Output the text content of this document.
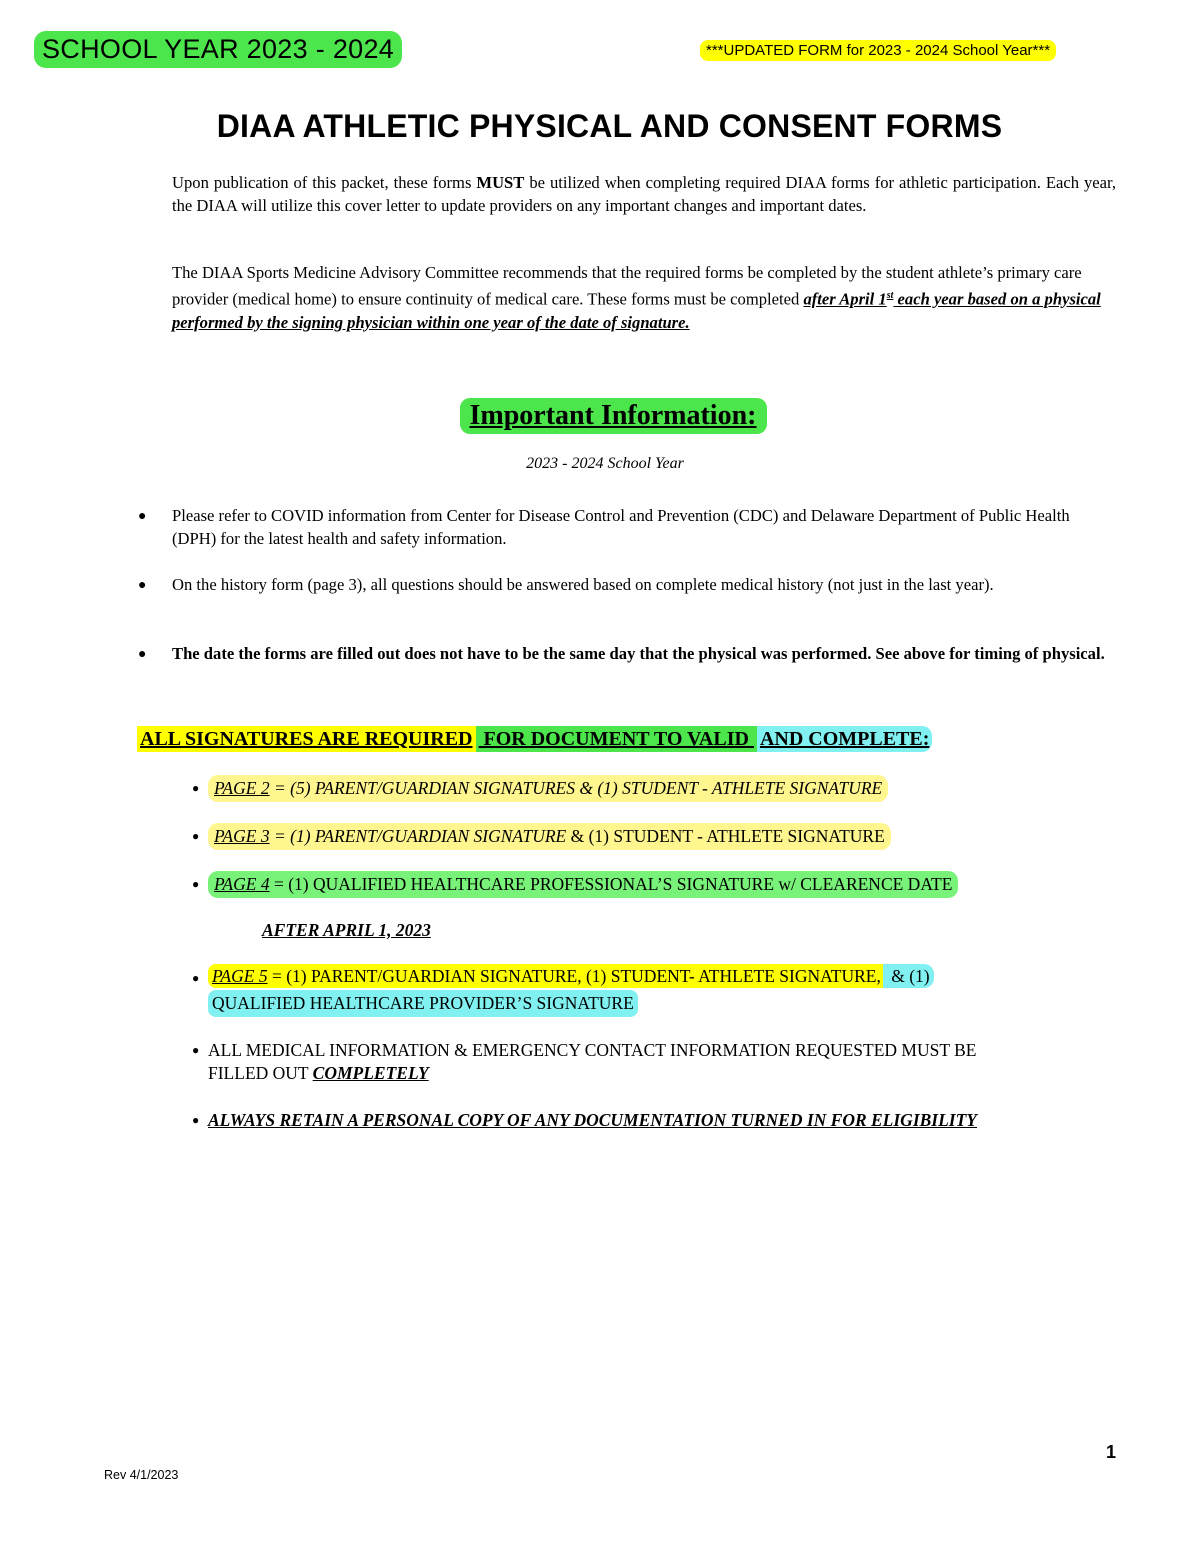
SCHOOL YEAR 2023 - 2024	***UPDATED FORM for 2023 - 2024 School Year***
DIAA ATHLETIC PHYSICAL AND CONSENT FORMS
Upon publication of this packet, these forms MUST be utilized when completing required DIAA forms for athletic participation. Each year, the DIAA will utilize this cover letter to update providers on any important changes and important dates.
The DIAA Sports Medicine Advisory Committee recommends that the required forms be completed by the student athlete’s primary care provider (medical home) to ensure continuity of medical care. These forms must be completed after April 1st each year based on a physical performed by the signing physician within one year of the date of signature.
Important Information:
2023 - 2024 School Year
● Please refer to COVID information from Center for Disease Control and Prevention (CDC) and Delaware Department of Public Health (DPH) for the latest health and safety information.
● On the history form (page 3), all questions should be answered based on complete medical history (not just in the last year).
● The date the forms are filled out does not have to be the same day that the physical was performed. See above for timing of physical.
ALL SIGNATURES ARE REQUIRED FOR DOCUMENT TO VALID AND COMPLETE:
● PAGE 2 = (5) PARENT/GUARDIAN SIGNATURES & (1) STUDENT - ATHLETE SIGNATURE
● PAGE 3 = (1) PARENT/GUARDIAN SIGNATURE & (1) STUDENT - ATHLETE SIGNATURE
● PAGE 4 = (1) QUALIFIED HEALTHCARE PROFESSIONAL’S SIGNATURE w/ CLEARENCE DATE
AFTER APRIL 1, 2023
● PAGE 5 = (1) PARENT/GUARDIAN SIGNATURE, (1) STUDENT- ATHLETE SIGNATURE, & (1)
QUALIFIED HEALTHCARE PROVIDER’S SIGNATURE
● ALL MEDICAL INFORMATION & EMERGENCY CONTACT INFORMATION REQUESTED MUST BE
FILLED OUT COMPLETELY
● ALWAYS RETAIN A PERSONAL COPY OF ANY DOCUMENTATION TURNED IN FOR ELIGIBILITY
Rev 4/1/2023
1
